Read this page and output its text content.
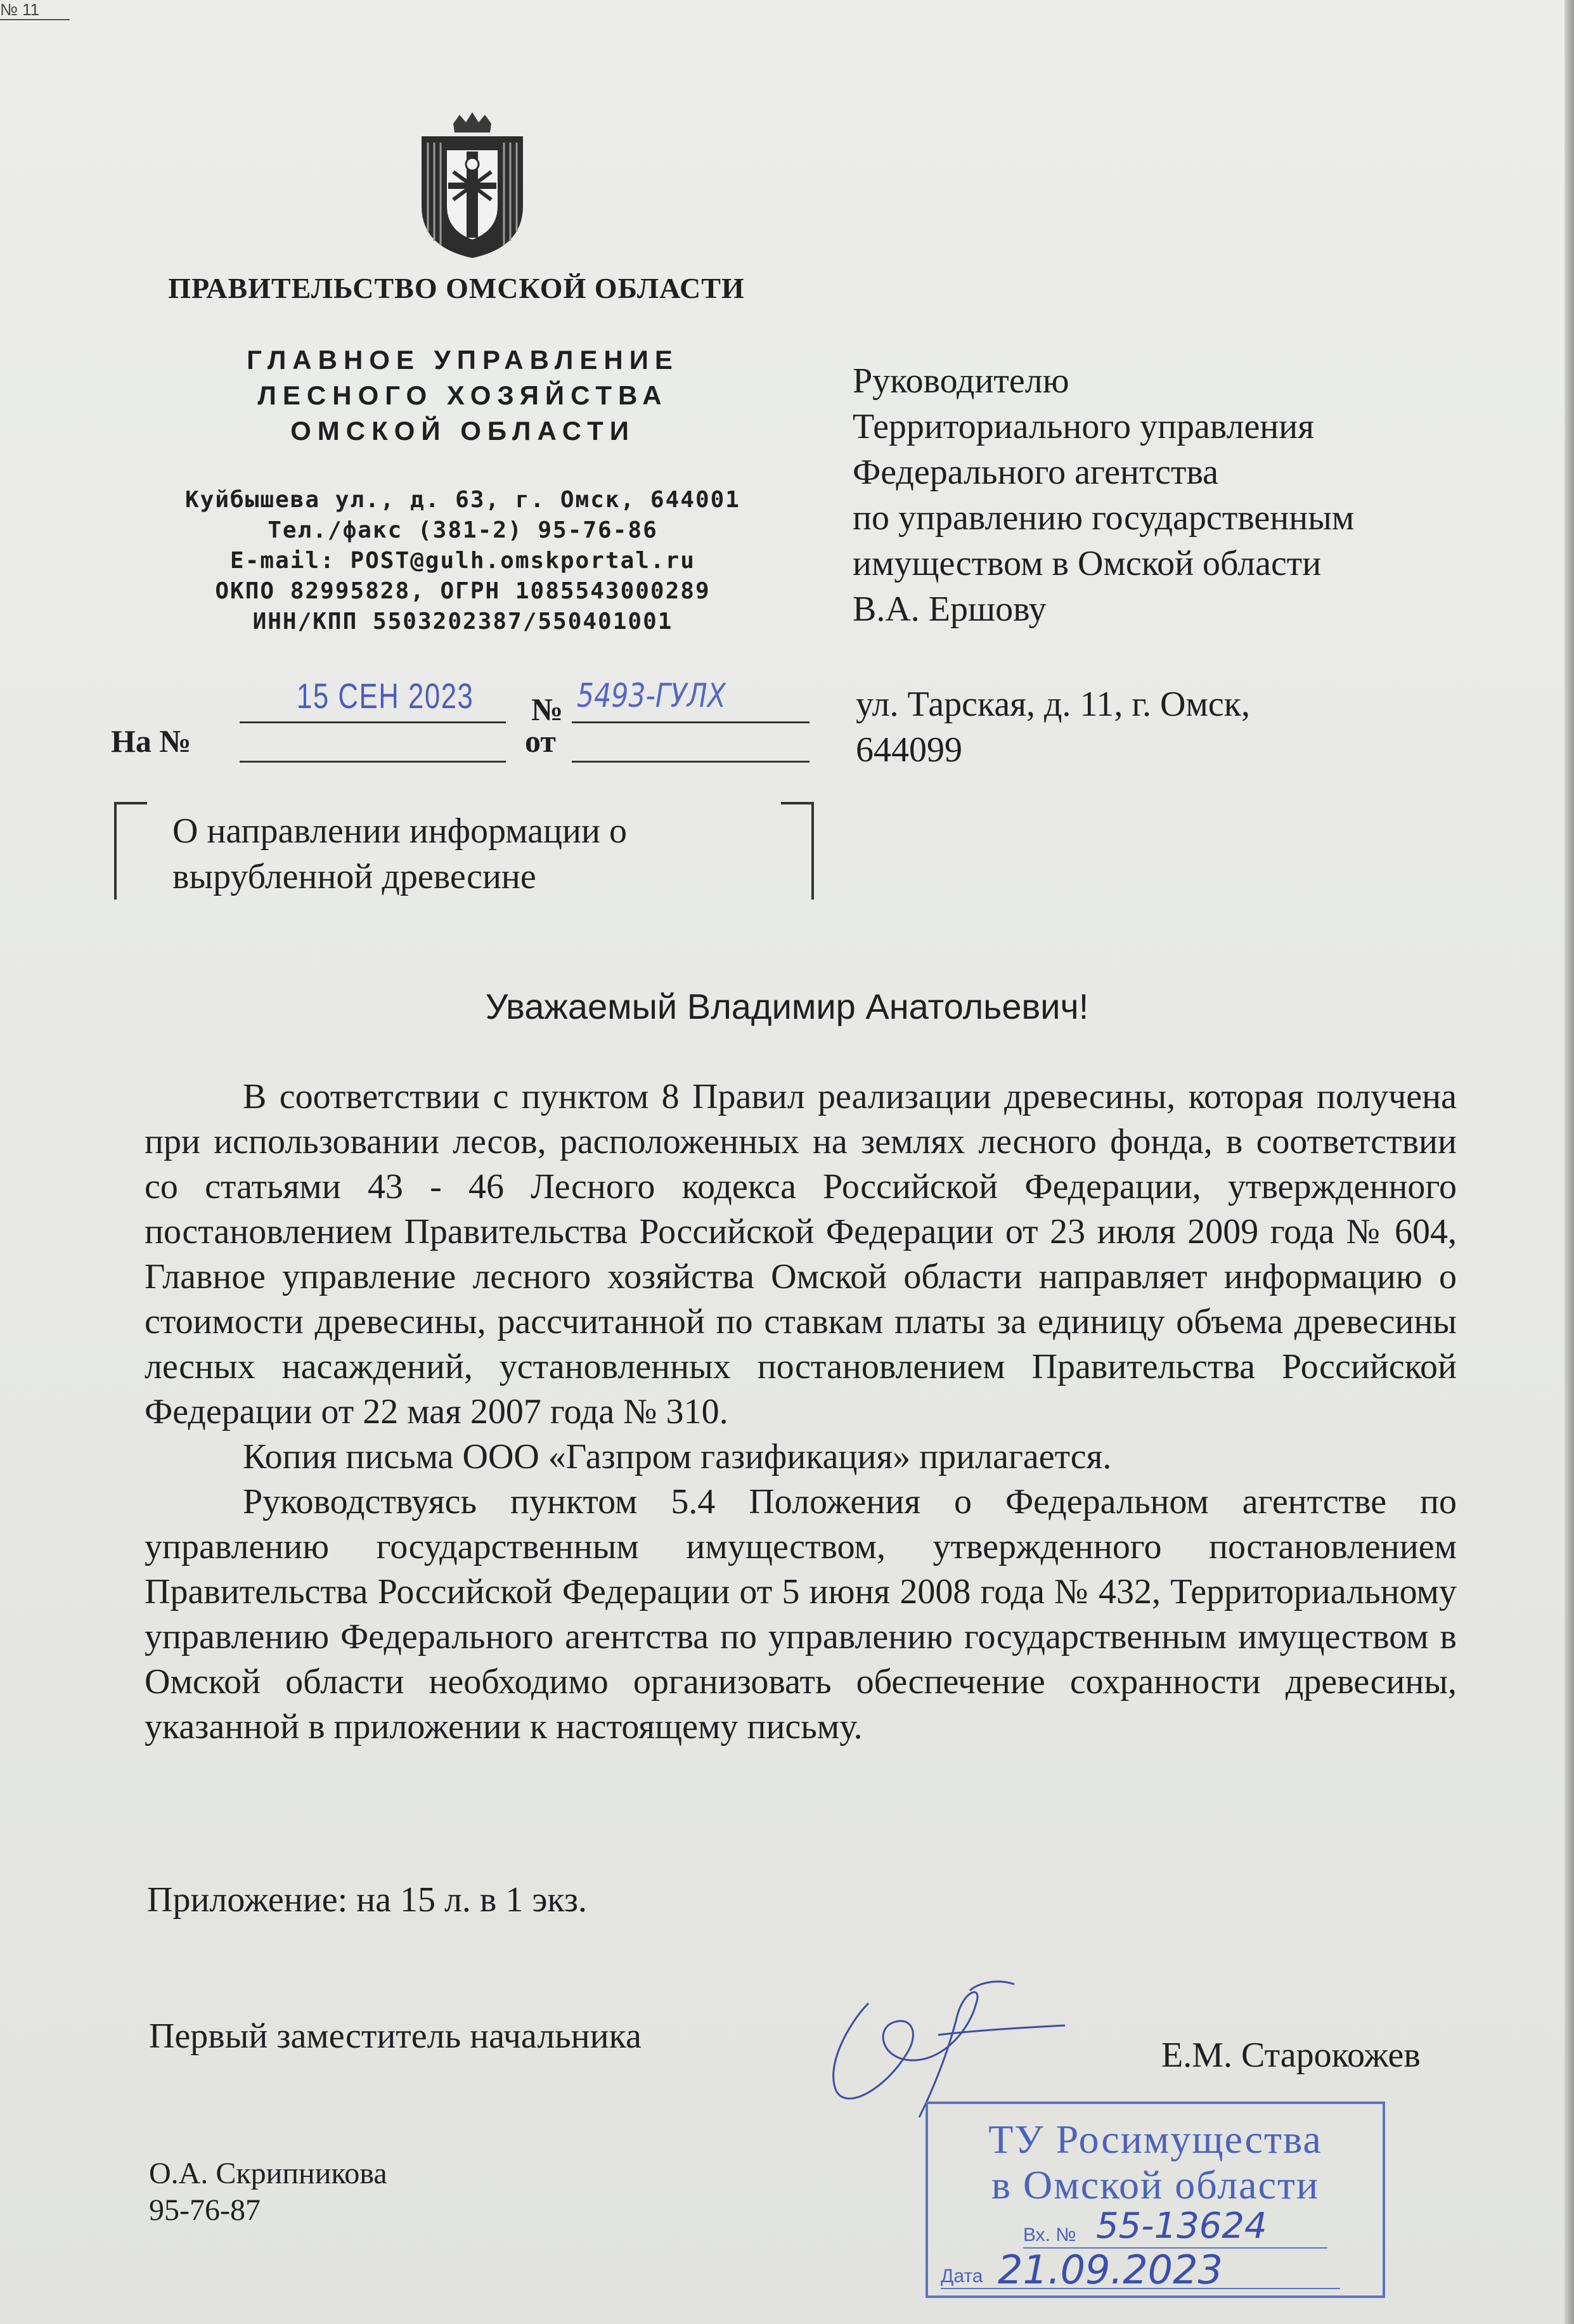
№ 11
ПРАВИТЕЛЬСТВО ОМСКОЙ ОБЛАСТИ
ГЛАВНОЕ УПРАВЛЕНИЕ
ЛЕСНОГО ХОЗЯЙСТВА
ОМСКОЙ ОБЛАСТИ
Куйбышева ул., д. 63, г. Омск, 644001
Тел./факс (381-2) 95-76-86
E-mail: POST@gulh.omskportal.ru
ОКПО 82995828, ОГРН 1085543000289
ИНН/КПП 5503202387/550401001
Руководителю
Территориального управления
Федерального агентства
по управлению государственным
имуществом в Омской области
В.А. Ершову
ул. Тарская, д. 11, г. Омск,
644099
15 СЕН 2023 № 5493-ГУЛХ
На №	от
О направлении информации о
вырубленной древесине
Уважаемый Владимир Анатольевич!

В соответствии с пунктом 8 Правил реализации древесины, которая получена при использовании лесов, расположенных на землях лесного фонда, в соответствии со статьями 43 - 46 Лесного кодекса Российской Федерации, утвержденного постановлением Правительства Российской Федерации от 23 июля 2009 года № 604, Главное управление лесного хозяйства Омской области направляет информацию о стоимости древесины, рассчитанной по ставкам платы за единицу объема древесины лесных насаждений, установленных постановлением Правительства Российской Федерации от 22 мая 2007 года № 310.

Копия письма ООО «Газпром газификация» прилагается.

Руководствуясь пунктом 5.4 Положения о Федеральном агентстве по управлению государственным имуществом, утвержденного постановлением Правительства Российской Федерации от 5 июня 2008 года № 432, Территориальному управлению Федерального агентства по управлению государственным имуществом в Омской области необходимо организовать обеспечение сохранности древесины, указанной в приложении к настоящему письму.

Приложение: на 15 л. в 1 экз.
Первый заместитель начальника	Е.М. Старокожев
О.А. Скрипникова
95-76-87
ТУ Росимущества
в Омской области
Вх. № 55-13624
Дата 21.09.2023
